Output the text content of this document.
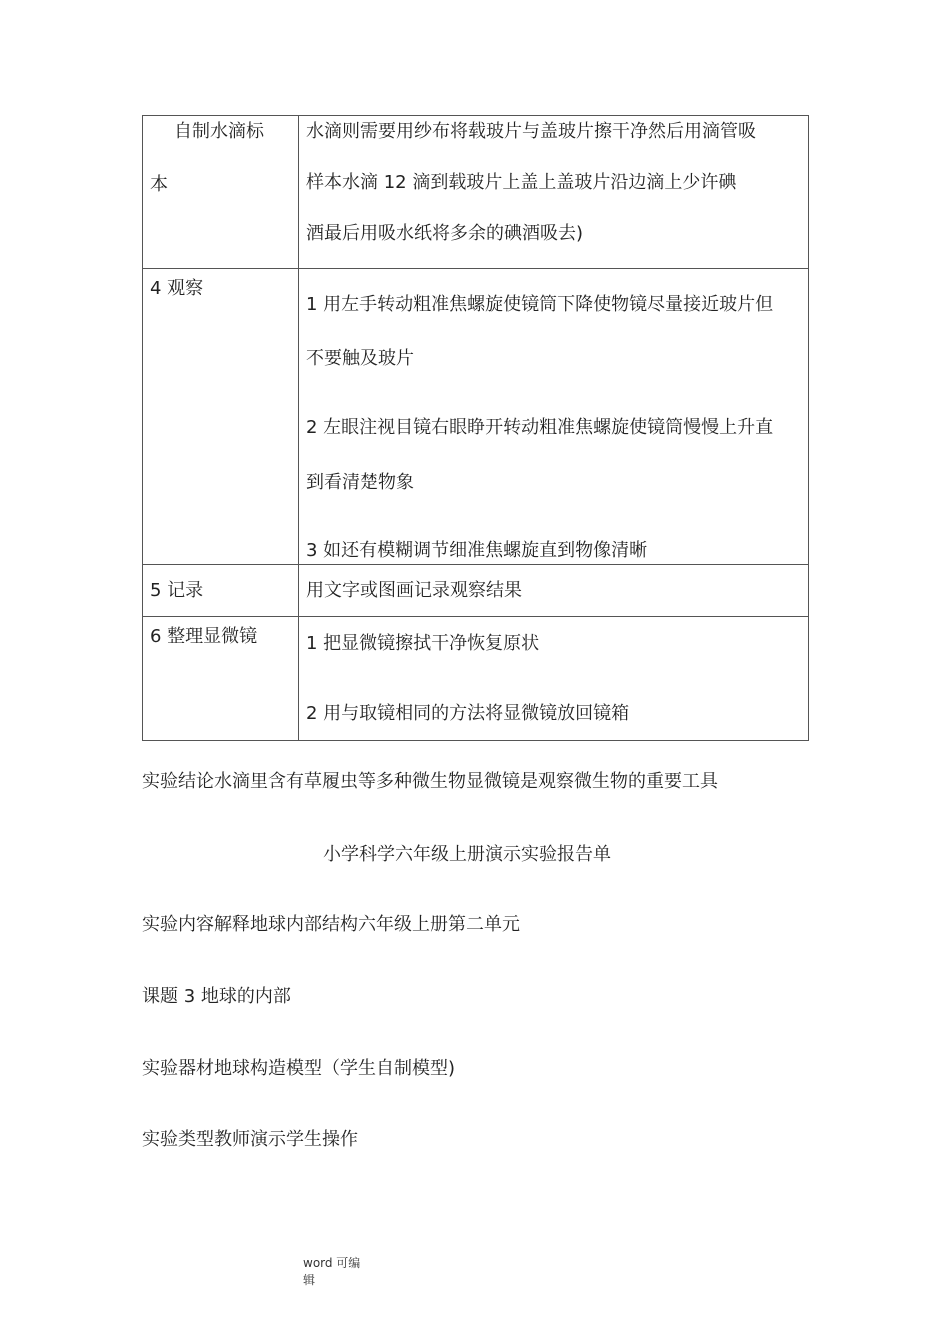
自制水滴标
本	水滴则需要用纱布将载玻片与盖玻片擦干净然后用滴管吸
样本水滴 12 滴到载玻片上盖上盖玻片沿边滴上少许碘
酒最后用吸水纸将多余的碘酒吸去)

4 观察	1 用左手转动粗准焦螺旋使镜筒下降使物镜尽量接近玻片但
不要触及玻片
2 左眼注视目镜右眼睁开转动粗准焦螺旋使镜筒慢慢上升直
到看清楚物象
3 如还有模糊调节细准焦螺旋直到物像清晰

5 记录	用文字或图画记录观察结果

6 整理显微镜	1 把显微镜擦拭干净恢复原状
2 用与取镜相同的方法将显微镜放回镜箱
实验结论水滴里含有草履虫等多种微生物显微镜是观察微生物的重要工具
小学科学六年级上册演示实验报告单
实验内容解释地球内部结构六年级上册第二单元
课题 3 地球的内部
实验器材地球构造模型（学生自制模型)
实验类型教师演示学生操作
word 可编
辑
